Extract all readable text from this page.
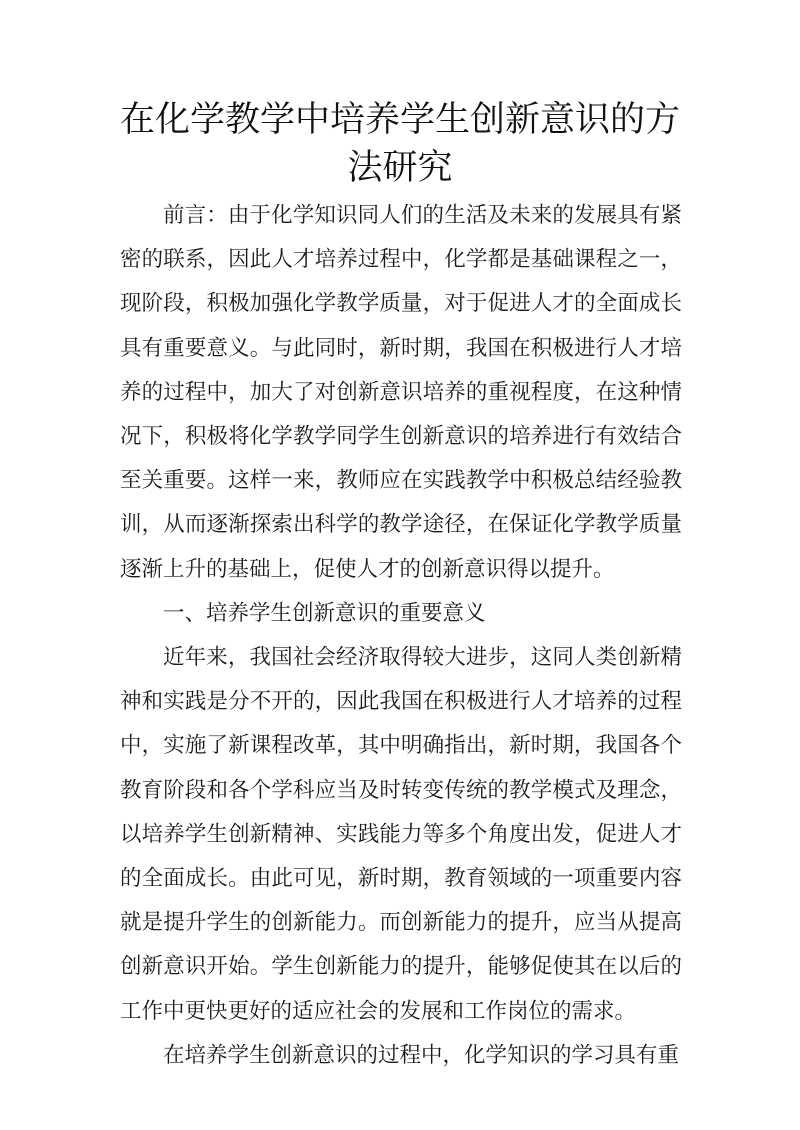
在化学教学中培养学生创新意识的方法研究

前言：由于化学知识同人们的生活及未来的发展具有紧密的联系，因此人才培养过程中，化学都是基础课程之一，现阶段，积极加强化学教学质量，对于促进人才的全面成长具有重要意义。与此同时，新时期，我国在积极进行人才培养的过程中，加大了对创新意识培养的重视程度，在这种情况下，积极将化学教学同学生创新意识的培养进行有效结合至关重要。这样一来，教师应在实践教学中积极总结经验教训，从而逐渐探索出科学的教学途径，在保证化学教学质量逐渐上升的基础上，促使人才的创新意识得以提升。

一、培养学生创新意识的重要意义

近年来，我国社会经济取得较大进步，这同人类创新精神和实践是分不开的，因此我国在积极进行人才培养的过程中，实施了新课程改革，其中明确指出，新时期，我国各个教育阶段和各个学科应当及时转变传统的教学模式及理念，以培养学生创新精神、实践能力等多个角度出发，促进人才的全面成长。由此可见，新时期，教育领域的一项重要内容就是提升学生的创新能力。而创新能力的提升，应当从提高创新意识开始。学生创新能力的提升，能够促使其在以后的工作中更快更好的适应社会的发展和工作岗位的需求。

在培养学生创新意识的过程中，化学知识的学习具有重
